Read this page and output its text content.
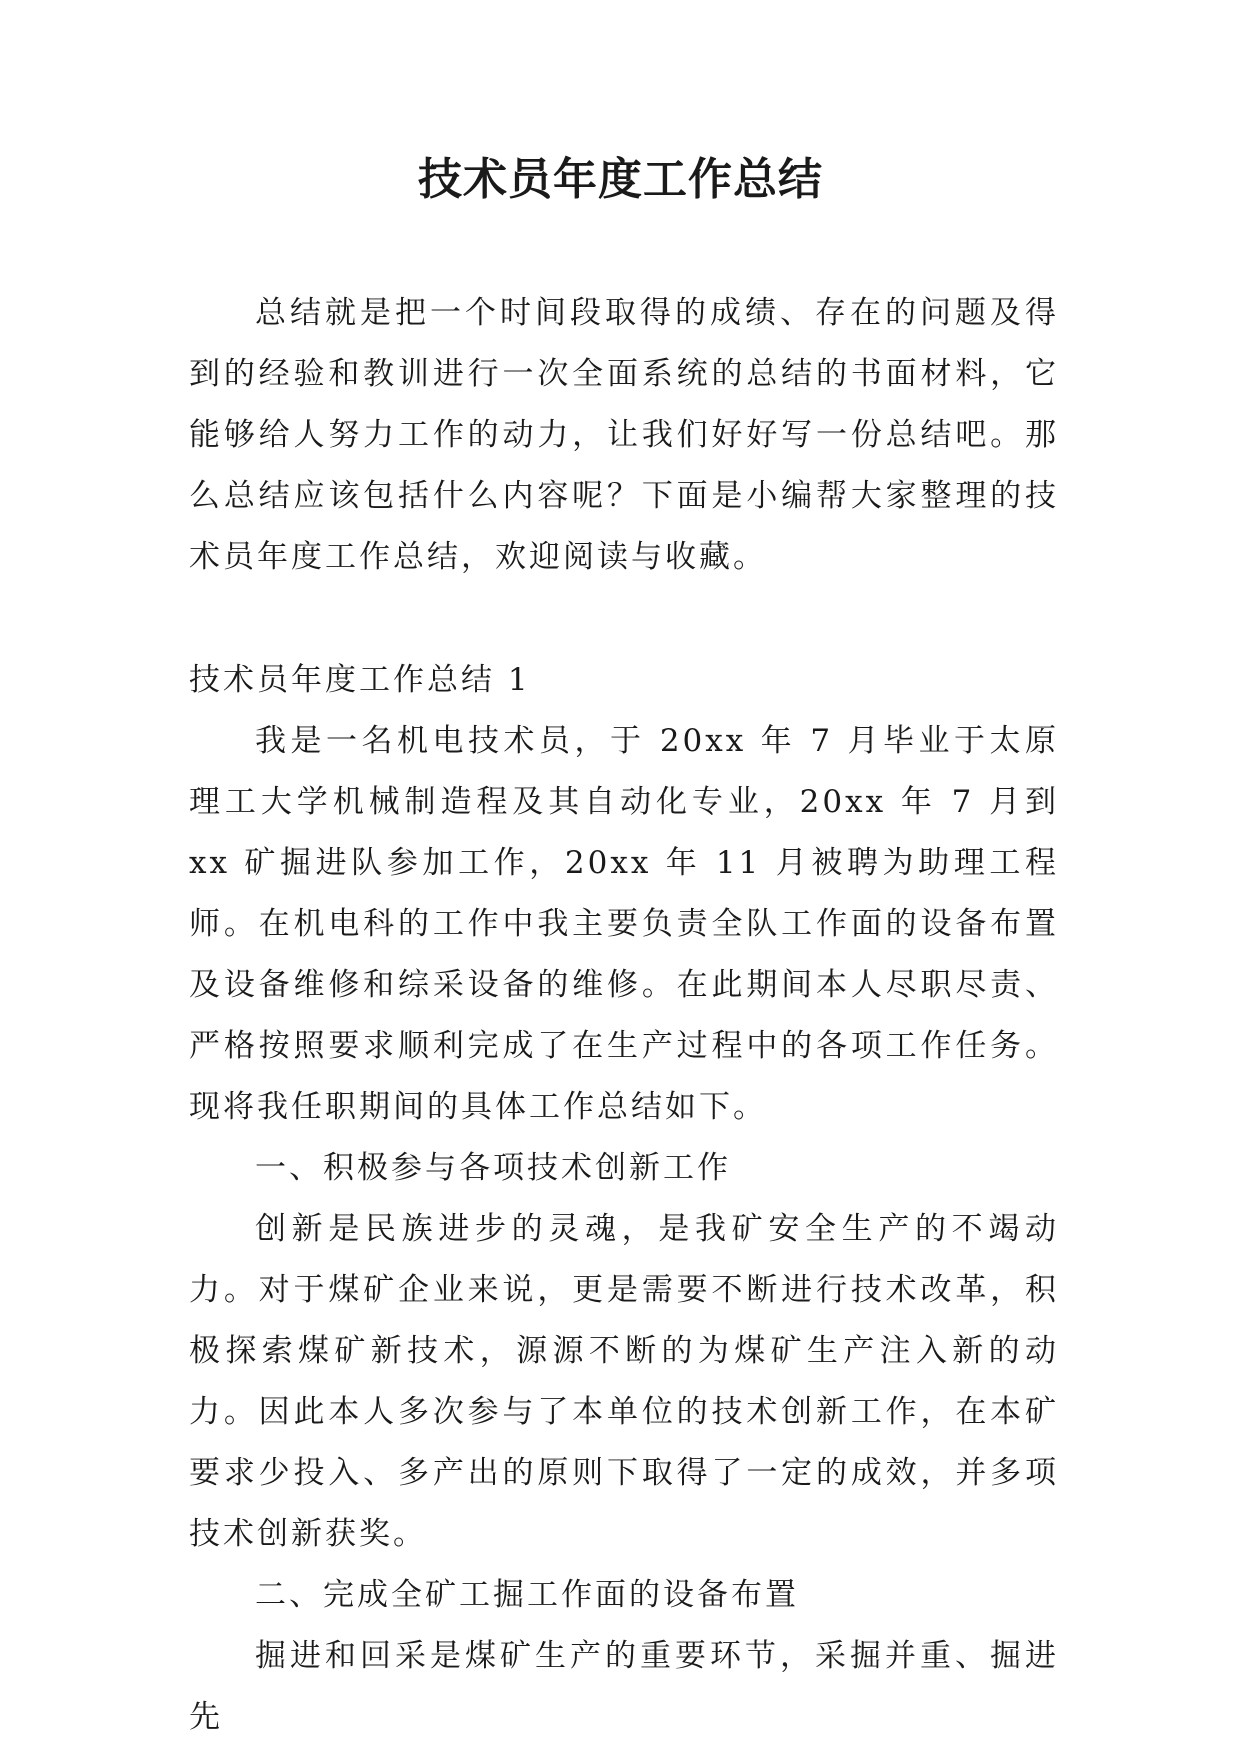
技术员年度工作总结

总结就是把一个时间段取得的成绩、存在的问题及得到的经验和教训进行一次全面系统的总结的书面材料，它能够给人努力工作的动力，让我们好好写一份总结吧。那么总结应该包括什么内容呢？下面是小编帮大家整理的技术员年度工作总结，欢迎阅读与收藏。

技术员年度工作总结 1

我是一名机电技术员，于 20xx 年 7 月毕业于太原理工大学机械制造程及其自动化专业，20xx 年 7 月到 xx 矿掘进队参加工作，20xx 年 11 月被聘为助理工程师。在机电科的工作中我主要负责全队工作面的设备布置及设备维修和综采设备的维修。在此期间本人尽职尽责、严格按照要求顺利完成了在生产过程中的各项工作任务。现将我任职期间的具体工作总结如下。

一、积极参与各项技术创新工作

创新是民族进步的灵魂，是我矿安全生产的不竭动力。对于煤矿企业来说，更是需要不断进行技术改革，积极探索煤矿新技术，源源不断的为煤矿生产注入新的动力。因此本人多次参与了本单位的技术创新工作，在本矿要求少投入、多产出的原则下取得了一定的成效，并多项技术创新获奖。

二、完成全矿工掘工作面的设备布置

掘进和回采是煤矿生产的重要环节，采掘并重、掘进先
